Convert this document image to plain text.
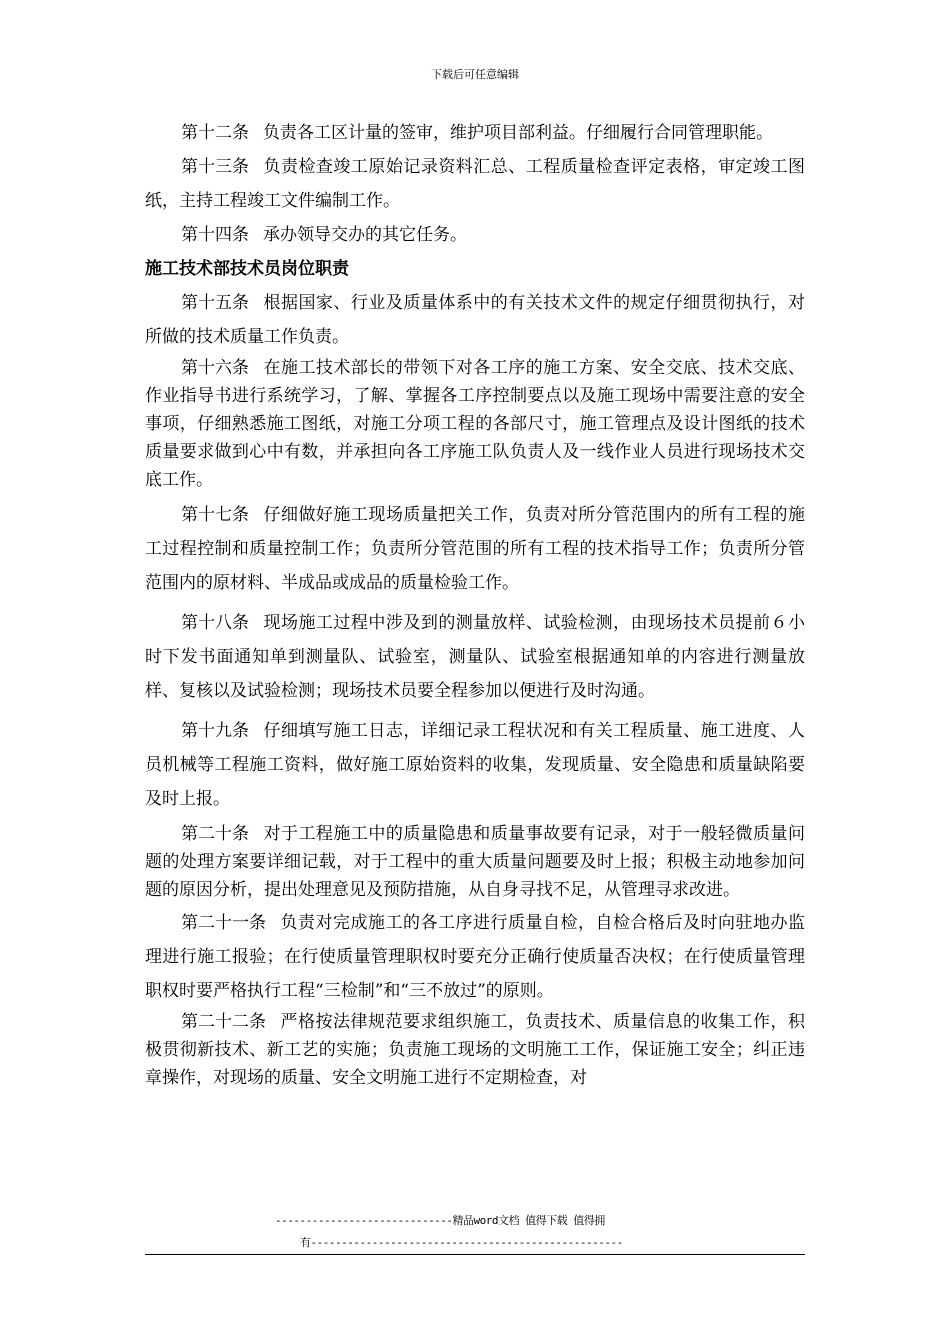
下载后可任意编辑

第十二条 负责各工区计量的签审，维护项目部利益。仔细履行合同管理职能。

第十三条 负责检查竣工原始记录资料汇总、工程质量检查评定表格，审定竣工图纸，主持工程竣工文件编制工作。

第十四条 承办领导交办的其它任务。

施工技术部技术员岗位职责

第十五条 根据国家、行业及质量体系中的有关技术文件的规定仔细贯彻执行，对所做的技术质量工作负责。

第十六条 在施工技术部长的带领下对各工序的施工方案、安全交底、技术交底、作业指导书进行系统学习，了解、掌握各工序控制要点以及施工现场中需要注意的安全事项，仔细熟悉施工图纸，对施工分项工程的各部尺寸，施工管理点及设计图纸的技术质量要求做到心中有数，并承担向各工序施工队负责人及一线作业人员进行现场技术交底工作。

第十七条 仔细做好施工现场质量把关工作，负责对所分管范围内的所有工程的施工过程控制和质量控制工作；负责所分管范围的所有工程的技术指导工作；负责所分管范围内的原材料、半成品或成品的质量检验工作。

第十八条 现场施工过程中涉及到的测量放样、试验检测，由现场技术员提前６小时下发书面通知单到测量队、试验室，测量队、试验室根据通知单的内容进行测量放样、复核以及试验检测；现场技术员要全程参加以便进行及时沟通。

第十九条 仔细填写施工日志，详细记录工程状况和有关工程质量、施工进度、人员机械等工程施工资料，做好施工原始资料的收集，发现质量、安全隐患和质量缺陷要及时上报。

第二十条 对于工程施工中的质量隐患和质量事故要有记录，对于一般轻微质量问题的处理方案要详细记载，对于工程中的重大质量问题要及时上报；积极主动地参加问题的原因分析，提出处理意见及预防措施，从自身寻找不足，从管理寻求改进。

第二十一条 负责对完成施工的各工序进行质量自检，自检合格后及时向驻地办监理进行施工报验；在行使质量管理职权时要充分正确行使质量否决权；在行使质量管理职权时要严格执行工程“三检制”和“三不放过”的原则。

第二十二条 严格按法律规范要求组织施工，负责技术、质量信息的收集工作，积极贯彻新技术、新工艺的实施；负责施工现场的文明施工工作，保证施工安全；纠正违章操作，对现场的质量、安全文明施工进行不定期检查，对

-----------------------------精品word文档 值得下载 值得拥
有---------------------------------------------------
